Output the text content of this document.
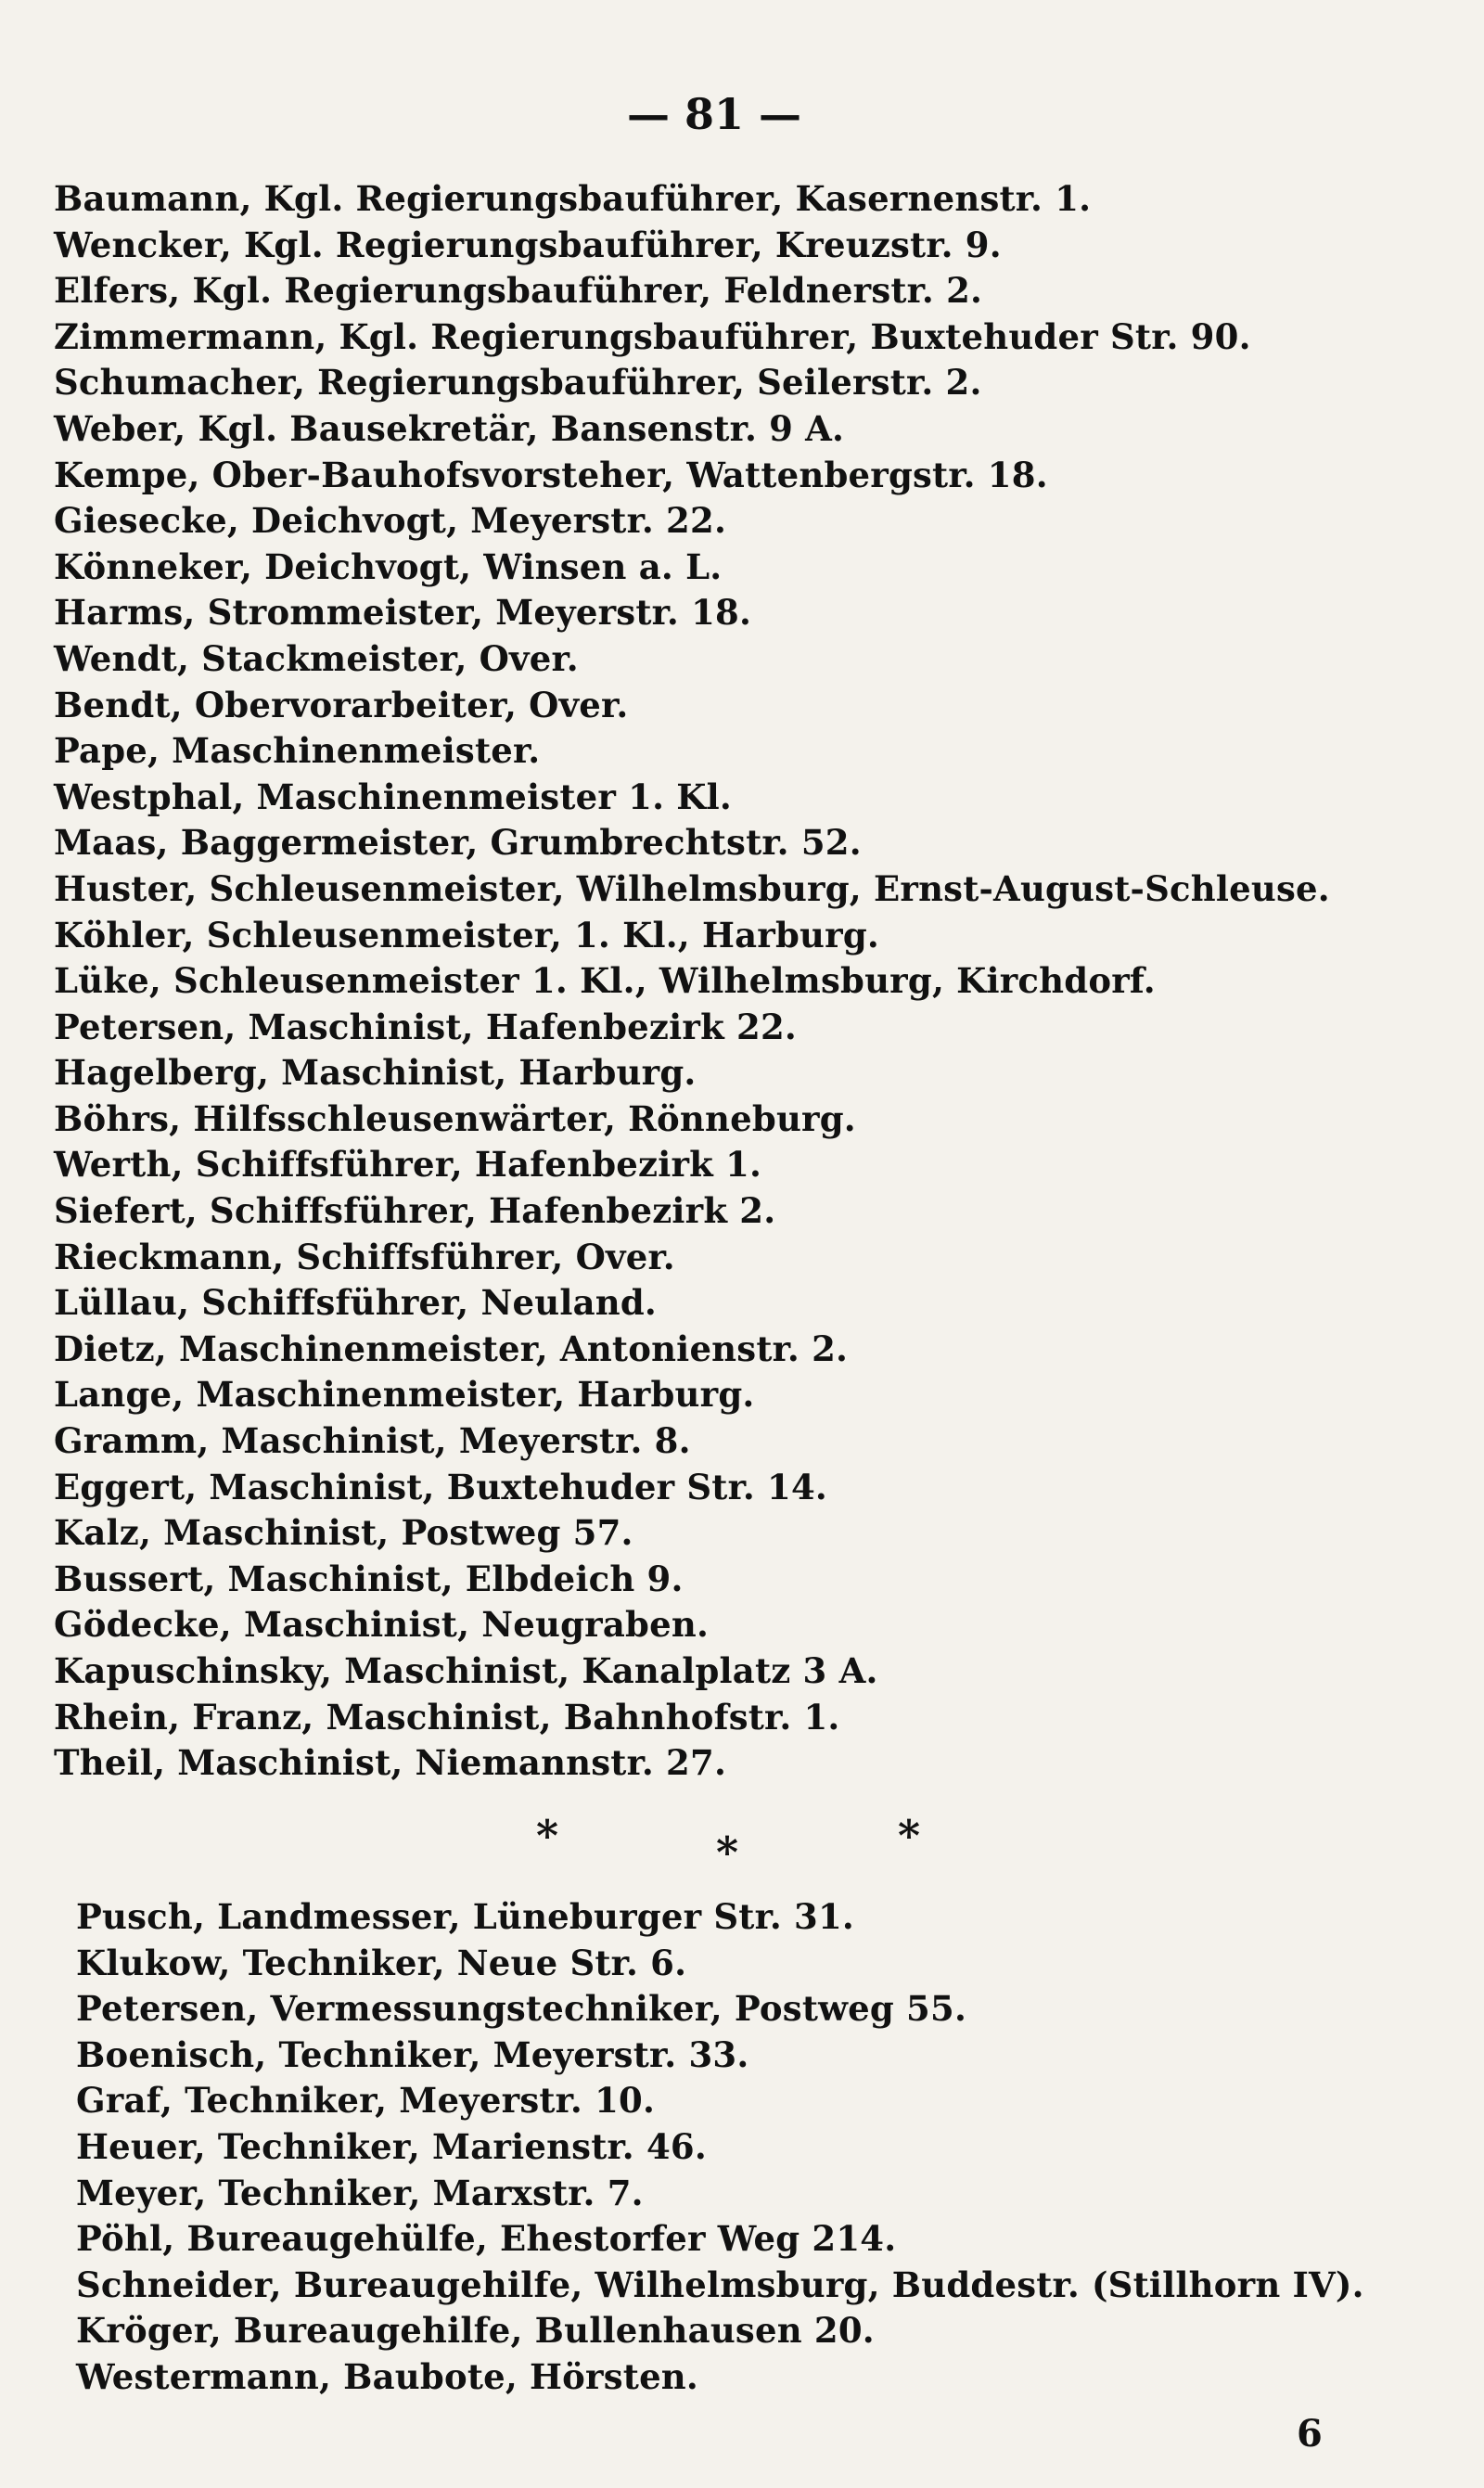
— 81 —
Baumann, Kgl. Regierungsbauführer, Kasernenstr. 1.
Wencker, Kgl. Regierungsbauführer, Kreuzstr. 9.
Elfers, Kgl. Regierungsbauführer, Feldnerstr. 2.
Zimmermann, Kgl. Regierungsbauführer, Buxtehuder Str. 90.
Schumacher, Regierungsbauführer, Seilerstr. 2.
Weber, Kgl. Bausekretär, Bansenstr. 9 A.
Kempe, Ober-Bauhofsvorsteher, Wattenbergstr. 18.
Giesecke, Deichvogt, Meyerstr. 22.
Könneker, Deichvogt, Winsen a. L.
Harms, Strommeister, Meyerstr. 18.
Wendt, Stackmeister, Over.
Bendt, Obervorarbeiter, Over.
Pape, Maschinenmeister.
Westphal, Maschinenmeister 1. Kl.
Maas, Baggermeister, Grumbrechtstr. 52.
Huster, Schleusenmeister, Wilhelmsburg, Ernst-August-Schleuse.
Köhler, Schleusenmeister, 1. Kl., Harburg.
Lüke, Schleusenmeister 1. Kl., Wilhelmsburg, Kirchdorf.
Petersen, Maschinist, Hafenbezirk 22.
Hagelberg, Maschinist, Harburg.
Böhrs, Hilfsschleusenwärter, Rönneburg.
Werth, Schiffsführer, Hafenbezirk 1.
Siefert, Schiffsführer, Hafenbezirk 2.
Rieckmann, Schiffsführer, Over.
Lüllau, Schiffsführer, Neuland.
Dietz, Maschinenmeister, Antonienstr. 2.
Lange, Maschinenmeister, Harburg.
Gramm, Maschinist, Meyerstr. 8.
Eggert, Maschinist, Buxtehuder Str. 14.
Kalz, Maschinist, Postweg 57.
Bussert, Maschinist, Elbdeich 9.
Gödecke, Maschinist, Neugraben.
Kapuschinsky, Maschinist, Kanalplatz 3 A.
Rhein, Franz, Maschinist, Bahnhofstr. 1.
Theil, Maschinist, Niemannstr. 27.
*	*	*
Pusch, Landmesser, Lüneburger Str. 31.
Klukow, Techniker, Neue Str. 6.
Petersen, Vermessungstechniker, Postweg 55.
Boenisch, Techniker, Meyerstr. 33.
Graf, Techniker, Meyerstr. 10.
Heuer, Techniker, Marienstr. 46.
Meyer, Techniker, Marxstr. 7.
Pöhl, Bureaugehülfe, Ehestorfer Weg 214.
Schneider, Bureaugehilfe, Wilhelmsburg, Buddestr. (Stillhorn IV).
Kröger, Bureaugehilfe, Bullenhausen 20.
Westermann, Baubote, Hörsten.
6
